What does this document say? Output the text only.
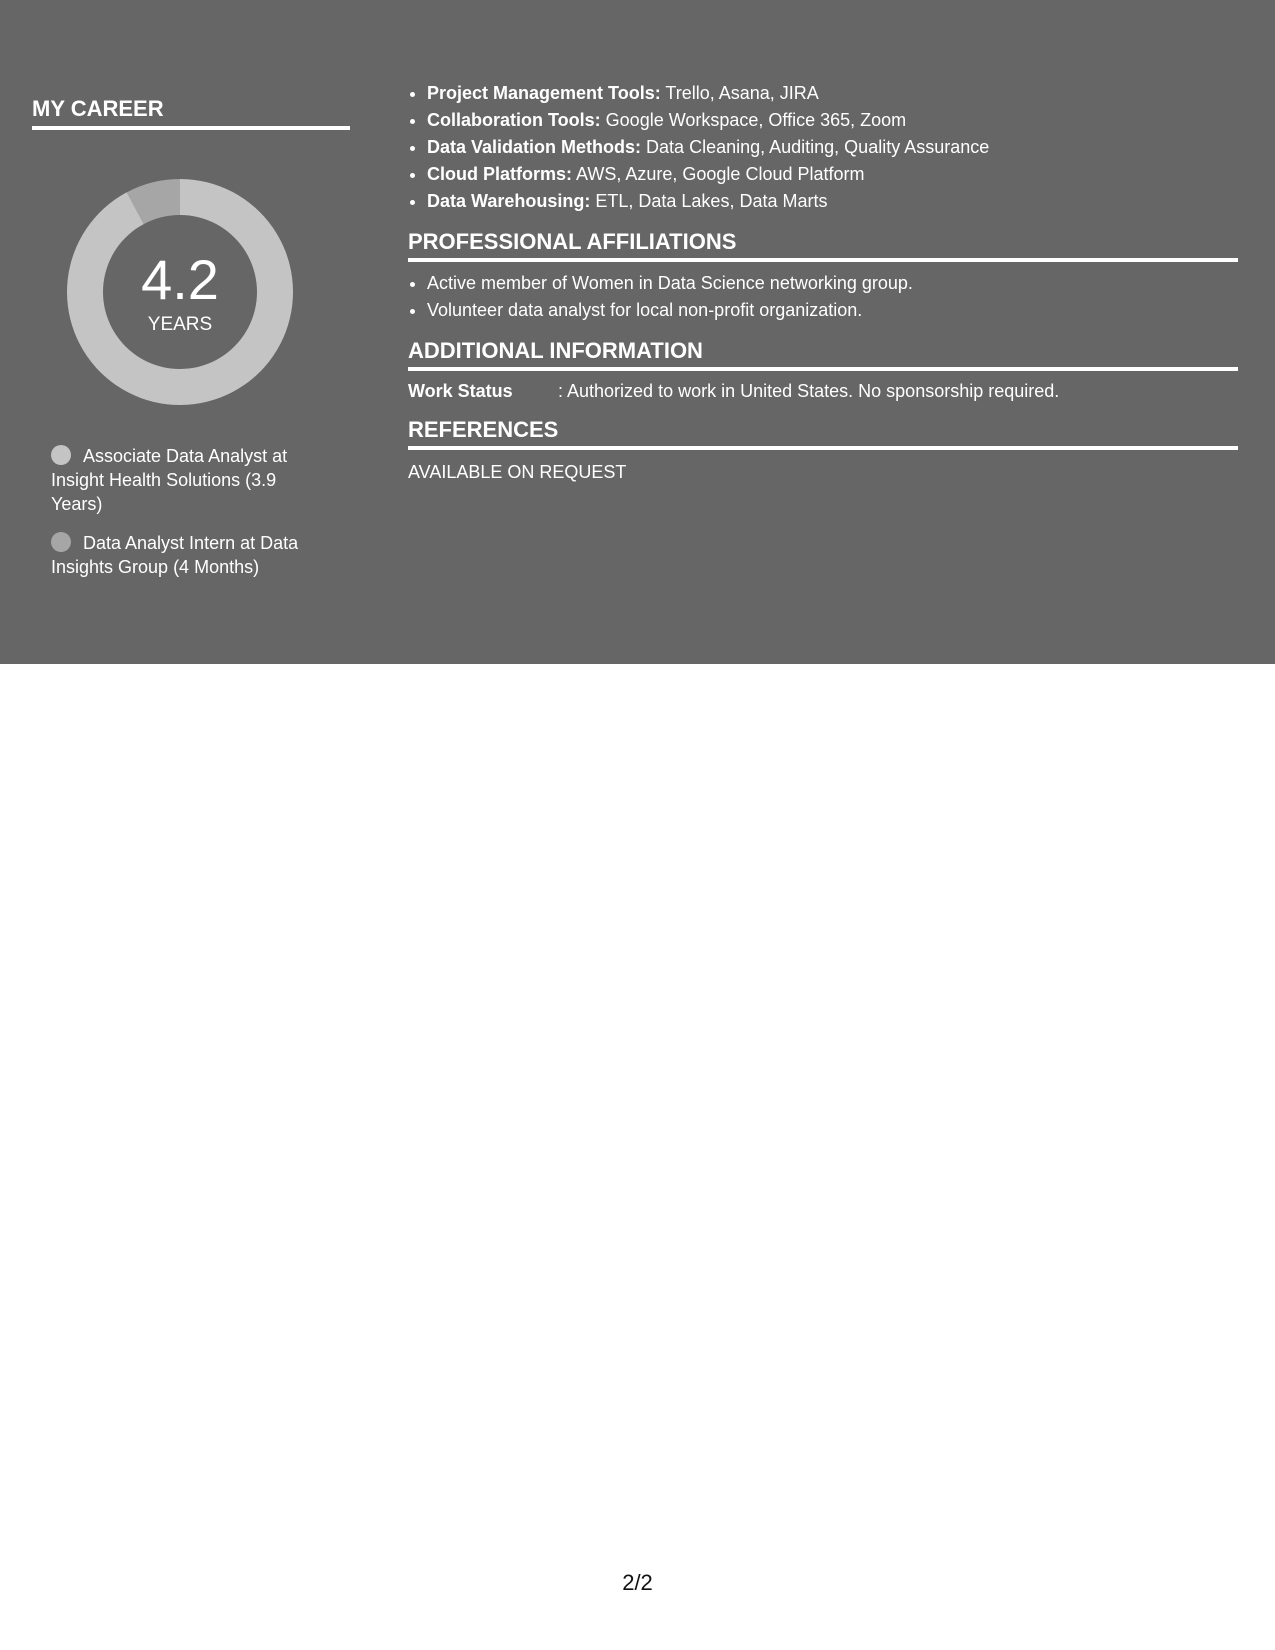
MY CAREER
4.2
YEARS
Associate Data Analyst at Insight Health Solutions (3.9 Years)
Data Analyst Intern at Data Insights Group (4 Months)
• Project Management Tools: Trello, Asana, JIRA
• Collaboration Tools: Google Workspace, Office 365, Zoom
• Data Validation Methods: Data Cleaning, Auditing, Quality Assurance
• Cloud Platforms: AWS, Azure, Google Cloud Platform
• Data Warehousing: ETL, Data Lakes, Data Marts
PROFESSIONAL AFFILIATIONS
• Active member of Women in Data Science networking group.
• Volunteer data analyst for local non-profit organization.
ADDITIONAL INFORMATION
Work Status	: Authorized to work in United States. No sponsorship required.
REFERENCES
AVAILABLE ON REQUEST
2/2
